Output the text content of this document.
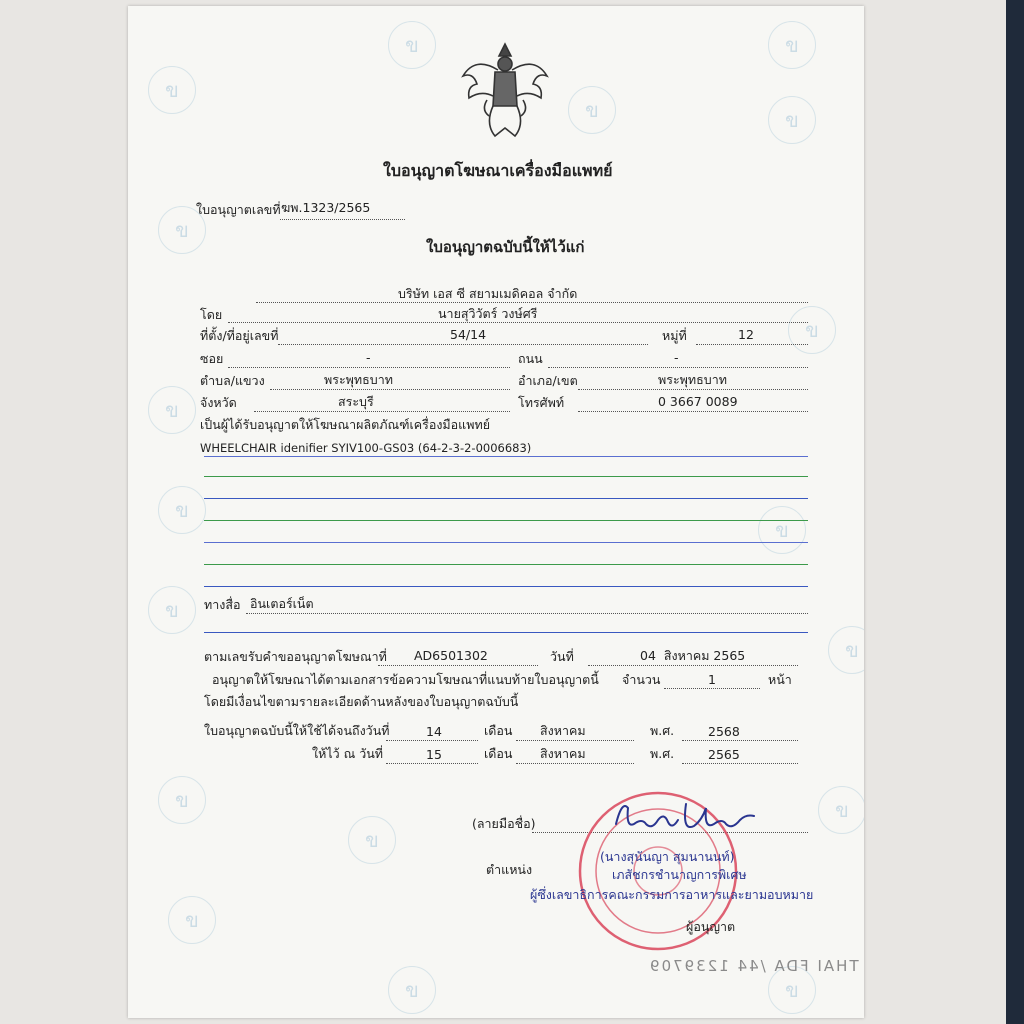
ข
ข	ข
ข	ข
ข
ข
ข
ข
ข
ข
ข
ข
ข
ข
ข
ข	ข
ใบอนุญาตโฆษณาเครื่องมือแพทย์
ใบอนุญาตเลขที่ ฆพ.1323/2565
ใบอนุญาตฉบับนี้ให้ไว้แก่
บริษัท เอส ซี สยามเมดิคอล จำกัด
โดย	นายสุวิวัตร์ วงษ์ศรี
ที่ตั้ง/ที่อยู่เลขที่	54/14	หมู่ที่	12
ซอย	-	ถนน	-
ตำบล/แขวง	พระพุทธบาท	อำเภอ/เขต	พระพุทธบาท
จังหวัด	สระบุรี	โทรศัพท์	0 3667 0089
เป็นผู้ได้รับอนุญาตให้โฆษณาผลิตภัณฑ์เครื่องมือแพทย์
WHEELCHAIR idenifier SYIV100-GS03 (64-2-3-2-0006683)
ทางสื่อ อินเตอร์เน็ต
ตามเลขรับคำขออนุญาตโฆษณาที่ AD6501302	วันที่	04  สิงหาคม 2565
อนุญาตให้โฆษณาได้ตามเอกสารข้อความโฆษณาที่แนบท้ายใบอนุญาตนี้ จำนวน	1	หน้า
โดยมีเงื่อนไขตามรายละเอียดด้านหลังของใบอนุญาตฉบับนี้
ใบอนุญาตฉบับนี้ให้ใช้ได้จนถึงวันที่	14	เดือน สิงหาคม	พ.ศ.	2568
ให้ไว้ ณ วันที่	15	เดือน สิงหาคม	พ.ศ.	2565
(ลายมือชื่อ)
ตำแหน่ง
(นางสุนันญา สุมนานนท์)
เภสัชกรชำนาญการพิเศษ
ผู้ซึ่งเลขาธิการคณะกรรมการอาหารและยามอบหมาย
ผู้อนุญาต
THAI FDA /44 1239709
